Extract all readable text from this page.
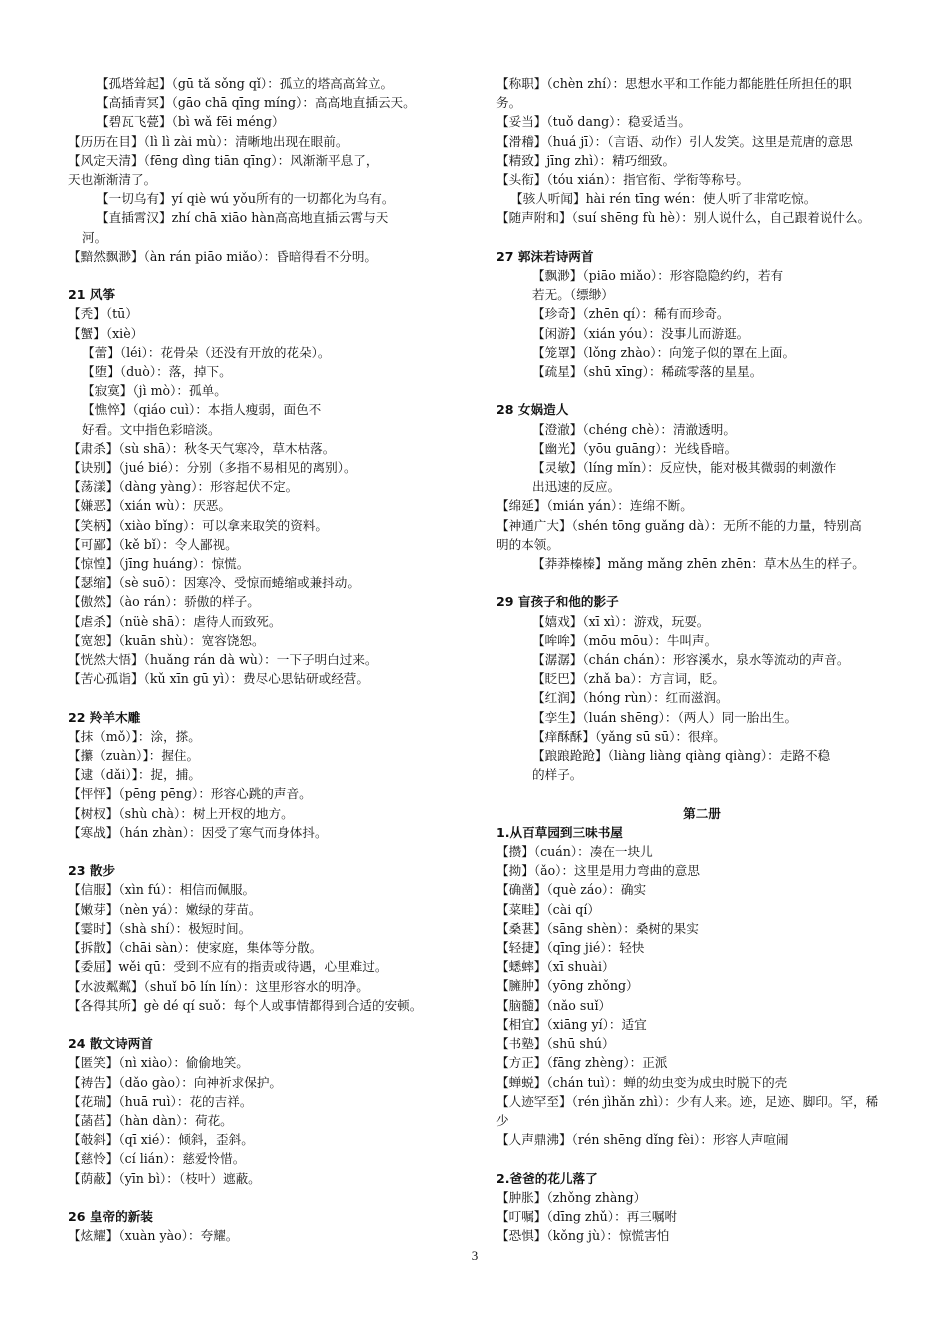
【孤塔耸起】（gū tǎ sǒng qǐ）：孤立的塔高高耸立。
【高插青冥】（gāo chā qīng míng）：高高地直插云天。
【碧瓦飞甍】（bì wǎ fēi méng）
【历历在目】（lì lì zài mù）：清晰地出现在眼前。
【风定天清】（fēng dìng tiān qīng）：风渐渐平息了，
天也渐渐清了。
【一切乌有】yí qiè wú yǒu所有的一切都化为乌有。
【直插霄汉】zhí chā xiāo hàn高高地直插云霄与天
河。
【黯然飘渺】（àn rán piāo miǎo）：昏暗得看不分明。
21 风筝
【秃】（tū）
【蟹】（xiè）
【蕾】（léi）：花骨朵（还没有开放的花朵）。
【堕】（duò）：落，掉下。
【寂寞】（jì mò）：孤单。
【憔悴】（qiáo cuì）：本指人瘦弱，面色不
好看。文中指色彩暗淡。
【肃杀】（sù shā）：秋冬天气寒冷，草木枯落。
【诀别】（jué bié）：分别（多指不易相见的离别）。
【荡漾】（dàng yàng）：形容起伏不定。
【嫌恶】（xián wù）：厌恶。
【笑柄】（xiào bǐng）：可以拿来取笑的资料。
【可鄙】（kě bǐ）：令人鄙视。
【惊惶】（jīng huáng）：惊慌。
【瑟缩】（sè suō）：因寒冷、受惊而蜷缩或兼抖动。
【傲然】（ào rán）：骄傲的样子。
【虐杀】（nüè shā）：虐待人而致死。
【宽恕】（kuān shù）：宽容饶恕。
【恍然大悟】（huǎng rán dà wù）：一下子明白过来。
【苦心孤诣】（kǔ xīn gū yì）：费尽心思钻研或经营。
22 羚羊木雕
【抹（mǒ）】：涂，搽。
【攥（zuàn）】：握住。
【逮（dǎi）】：捉，捕。
【怦怦】（pēng pēng）：形容心跳的声音。
【树杈】（shù chà）：树上开杈的地方。
【寒战】（hán zhàn）：因受了寒气而身体抖。
23 散步
【信服】（xìn fú）：相信而佩服。
【嫩芽】（nèn yá）：嫩绿的芽苗。
【霎时】（shà shí）：极短时间。
【拆散】（chāi sàn）：使家庭，集体等分散。
【委屈】wěi qū：受到不应有的指责或待遇，心里难过。
【水波粼粼】（shuǐ bō lín lín）：这里形容水的明净。
【各得其所】gè dé qí suǒ：每个人或事情都得到合适的安顿。
24 散文诗两首
【匿笑】（nì xiào）：偷偷地笑。
【祷告】（dǎo gào）：向神祈求保护。
【花瑞】（huā ruì）：花的吉祥。
【菡萏】（hàn dàn）：荷花。
【攲斜】（qī xié）：倾斜，歪斜。
【慈怜】（cí lián）：慈爱怜惜。
【荫蔽】（yīn bì）：（枝叶）遮蔽。
26 皇帝的新装
【炫耀】（xuàn yào）：夸耀。
【称职】（chèn zhí）：思想水平和工作能力都能胜任所担任的职
务。
【妥当】（tuǒ dang）：稳妥适当。
【滑稽】（huá jī）：（言语、动作）引人发笑。这里是荒唐的意思
【精致】jīng zhì）：精巧细致。
【头衔】（tóu xián）：指官衔、学衔等称号。
【骇人听闻】hài rén tīng wén：使人听了非常吃惊。
【随声附和】（suí shēng fù hè）：别人说什么，自己跟着说什么。
27 郭沫若诗两首
【飘渺】（piāo miǎo）：形容隐隐约约，若有
若无。（缥缈）
【珍奇】（zhēn qí）：稀有而珍奇。
【闲游】（xián yóu）：没事儿而游逛。
【笼罩】（lǒng zhào）：向笼子似的罩在上面。
【疏星】（shū xīng）：稀疏零落的星星。
28 女娲造人
【澄澈】（chéng chè）：清澈透明。
【幽光】（yōu guāng）：光线昏暗。
【灵敏】（líng mǐn）：反应快，能对极其微弱的刺激作
出迅速的反应。
【绵延】（mián yán）：连绵不断。
【神通广大】（shén tōng guǎng dà）：无所不能的力量，特别高
明的本领。
【莽莽榛榛】mǎng mǎng zhēn zhēn：草木丛生的样子。
29 盲孩子和他的影子
【嬉戏】（xī xì）：游戏，玩耍。
【哞哞】（mōu mōu）：牛叫声。
【潺潺】（chán chán）：形容溪水，泉水等流动的声音。
【眨巴】（zhǎ ba）：方言词，眨。
【红润】（hóng rùn）：红而滋润。
【孪生】（luán shēng）：（两人）同一胎出生。
【痒酥酥】（yǎng sū sū）：很痒。
【踉踉跄跄】（liàng liàng qiàng qiàng）：走路不稳
的样子。
第二册
1.从百草园到三味书屋
【攒】（cuán）：凑在一块儿
【拗】（ǎo）：这里是用力弯曲的意思
【确凿】（què záo）：确实
【菜畦】（cài qí）
【桑葚】（sāng shèn）：桑树的果实
【轻捷】（qīng jié）：轻快
【蟋蟀】（xī shuài）
【臃肿】（yōng zhǒng）
【脑髓】（nǎo suǐ）
【相宜】（xiāng yí）：适宜
【书塾】（shū shú）
【方正】（fāng zhèng）：正派
【蝉蜕】（chán tuì）：蝉的幼虫变为成虫时脱下的壳
【人迹罕至】（rén jìhǎn zhì）：少有人来。迹，足迹、脚印。罕，稀
少
【人声鼎沸】（rén shēng dǐng fèi）：形容人声喧闹
2.爸爸的花儿落了
【肿胀】（zhǒng zhàng）
【叮嘱】（dīng zhǔ）：再三嘱咐
【恐惧】（kǒng jù）：惊慌害怕
3
